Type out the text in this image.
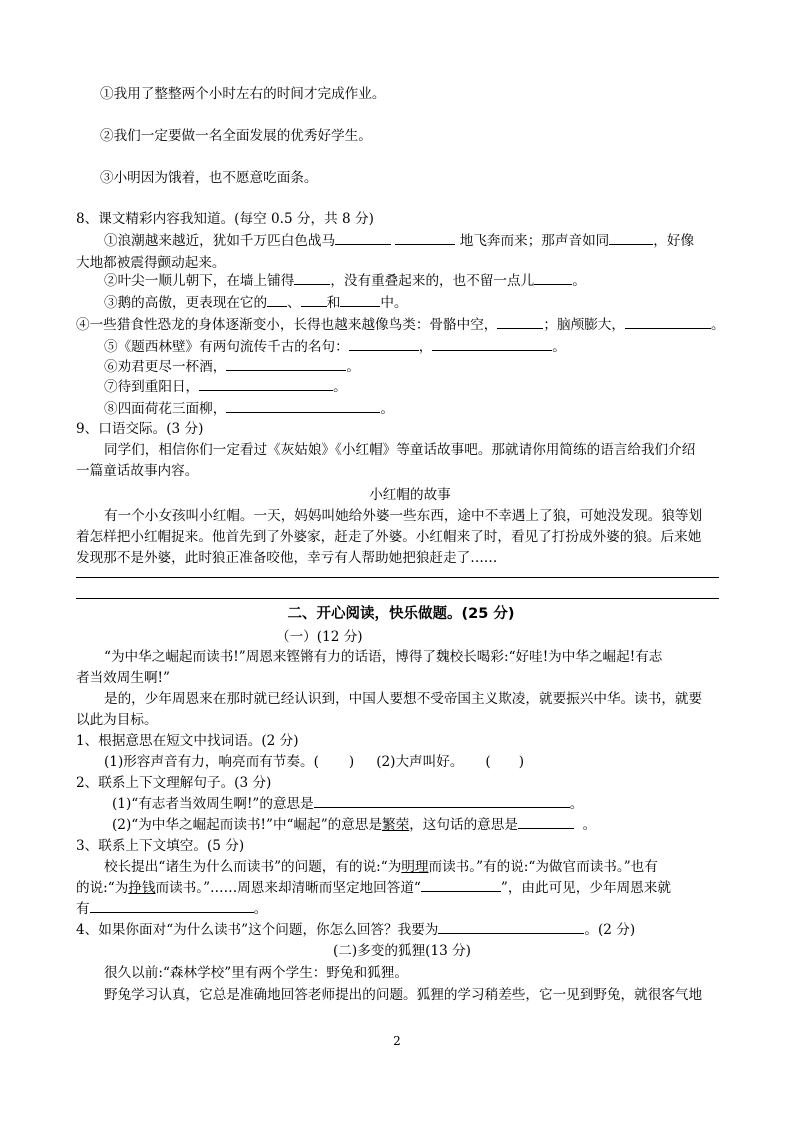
①我用了整整两个小时左右的时间才完成作业。
②我们一定要做一名全面发展的优秀好学生。
③小明因为饿着，也不愿意吃面条。
8、课文精彩内容我知道。(每空 0.5 分，共 8 分)
①浪潮越来越近，犹如千万匹白色战马	地飞奔而来；那声音如同	，好像
大地都被震得颤动起来。
②叶尖一顺儿朝下，在墙上铺得	，没有重叠起来的，也不留一点儿	。
③鹅的高傲，更表现在它的 、 和	中。
④一些猎食性恐龙的身体逐渐变小，长得也越来越像鸟类：骨骼中空，	；脑颅膨大，	。
⑤《题西林壁》有两句流传千古的名句：	，	。
⑥劝君更尽一杯酒，	。
⑦待到重阳日，	。
⑧四面荷花三面柳，	。
9、口语交际。(3 分)
同学们，相信你们一定看过《灰姑娘》《小红帽》等童话故事吧。那就请你用简练的语言给我们介绍
一篇童话故事内容。
小红帽的故事
有一个小女孩叫小红帽。一天，妈妈叫她给外婆一些东西，途中不幸遇上了狼，可她没发现。狼等划
着怎样把小红帽捉来。他首先到了外婆家，赶走了外婆。小红帽来了时，看见了打扮成外婆的狼。后来她
发现那不是外婆，此时狼正准备咬他，幸亏有人帮助她把狼赶走了……
二、开心阅读，快乐做题。(25 分)
（一）(12 分)
“为中华之崛起而读书!”周恩来铿锵有力的话语，博得了魏校长喝彩:“好哇!为中华之崛起!有志
者当效周生啊!”
是的，少年周恩来在那时就已经认识到，中国人要想不受帝国主义欺凌，就要振兴中华。读书，就要
以此为目标。
1、根据意思在短文中找词语。(2 分)
(1)形容声音有力，响亮而有节奏。( ) (2)大声叫好。 ( )
2、联系上下文理解句子。(3 分)
(1)“有志者当效周生啊!”的意思是	。
(2)“为中华之崛起而读书!”中“崛起”的意思是繁荣，这句话的意思是	。
3、联系上下文填空。(5 分)
校长提出“诸生为什么而读书”的问题，有的说:“为明理而读书。”有的说:“为做官而读书。”也有
的说:“为挣钱而读书。”……周恩来却清晰而坚定地回答道“	”，由此可见，少年周恩来就
有	。
4、如果你面对“为什么读书”这个问题，你怎么回答？我要为	。(2 分)
(二)多变的狐狸(13 分)
很久以前:“森林学校”里有两个学生：野兔和狐狸。
野兔学习认真，它总是准确地回答老师提出的问题。狐狸的学习稍差些，它一见到野兔，就很客气地
2
